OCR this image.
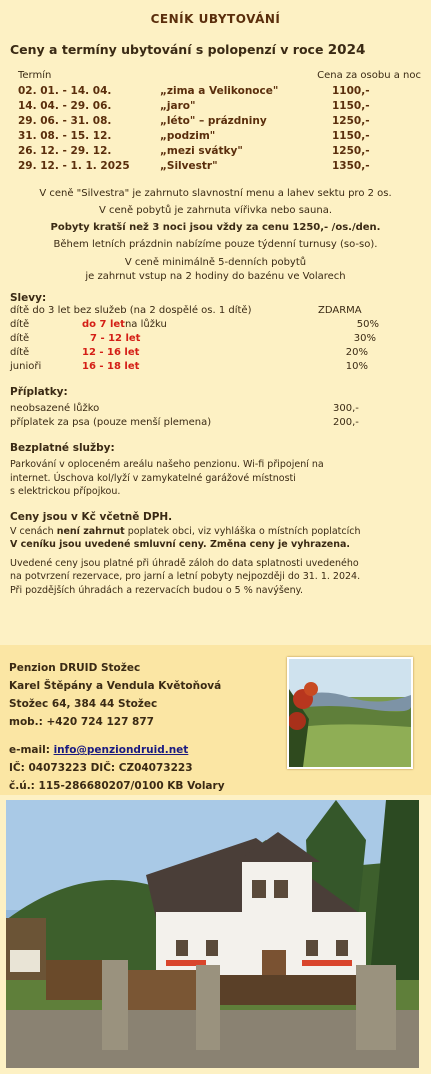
CENÍK UBYTOVÁNÍ
Ceny a termíny ubytování s polopenzí v roce 2024
Termín	Cena za osobu a noc
02. 01. - 14. 04.	„zima a Velikonoce"	1100,-
14. 04. - 29. 06.	„jaro"	1150,-
29. 06. - 31. 08.	„léto" – prázdniny	1250,-
31. 08. - 15. 12.	„podzim"	1150,-
26. 12. - 29. 12.	„mezi svátky"	1250,-
29. 12. - 1. 1. 2025	„Silvestr"	1350,-
V ceně "Silvestra" je zahrnuto slavnostní menu a lahev sektu pro 2 os.
V ceně pobytů je zahrnuta vířivka nebo sauna.
Pobyty kratší než 3 noci jsou vždy za cenu 1250,- /os./den.
Během letních prázdnin nabízíme pouze týdenní turnusy (so-so).
V ceně minimálně 5-denních pobytů
je zahrnut vstup na 2 hodiny do bazénu ve Volarech
Slevy:
dítě do 3 let bez služeb (na 2 dospělé os. 1 dítě)	ZDARMA
dítě	do 7 let na lůžku	50%
dítě	7 - 12 let	30%
dítě	12 - 16 let	20%
junioři	16 - 18 let	10%
Příplatky:
neobsazené lůžko	300,-
příplatek za psa (pouze menší plemena)	200,-
Bezplatné služby:
Parkování v oploceném areálu našeho penzionu. Wi-fi připojení na
internet. Úschova kol/lyží v zamykatelné garážové místnosti
s elektrickou přípojkou.
Ceny jsou v Kč včetně DPH.
V cenách není zahrnut poplatek obci, viz vyhláška o místních poplatcích
V ceníku jsou uvedené smluvní ceny. Změna ceny je vyhrazena.
Uvedené ceny jsou platné při úhradě záloh do data splatnosti uvedeného
na potvrzení rezervace, pro jarní a letní pobyty nejpozději do 31. 1. 2024.
Při pozdějších úhradách a rezervacích budou o 5 % navýšeny.
Penzion DRUID Stožec
Karel Štěpány a Vendula Květoňová
Stožec 64, 384 44 Stožec
mob.: +420 724 127 877
e-mail: info@penziondruid.net
IČ: 04073223 DIČ: CZ04073223
č.ú.: 115-286680207/0100 KB Volary
